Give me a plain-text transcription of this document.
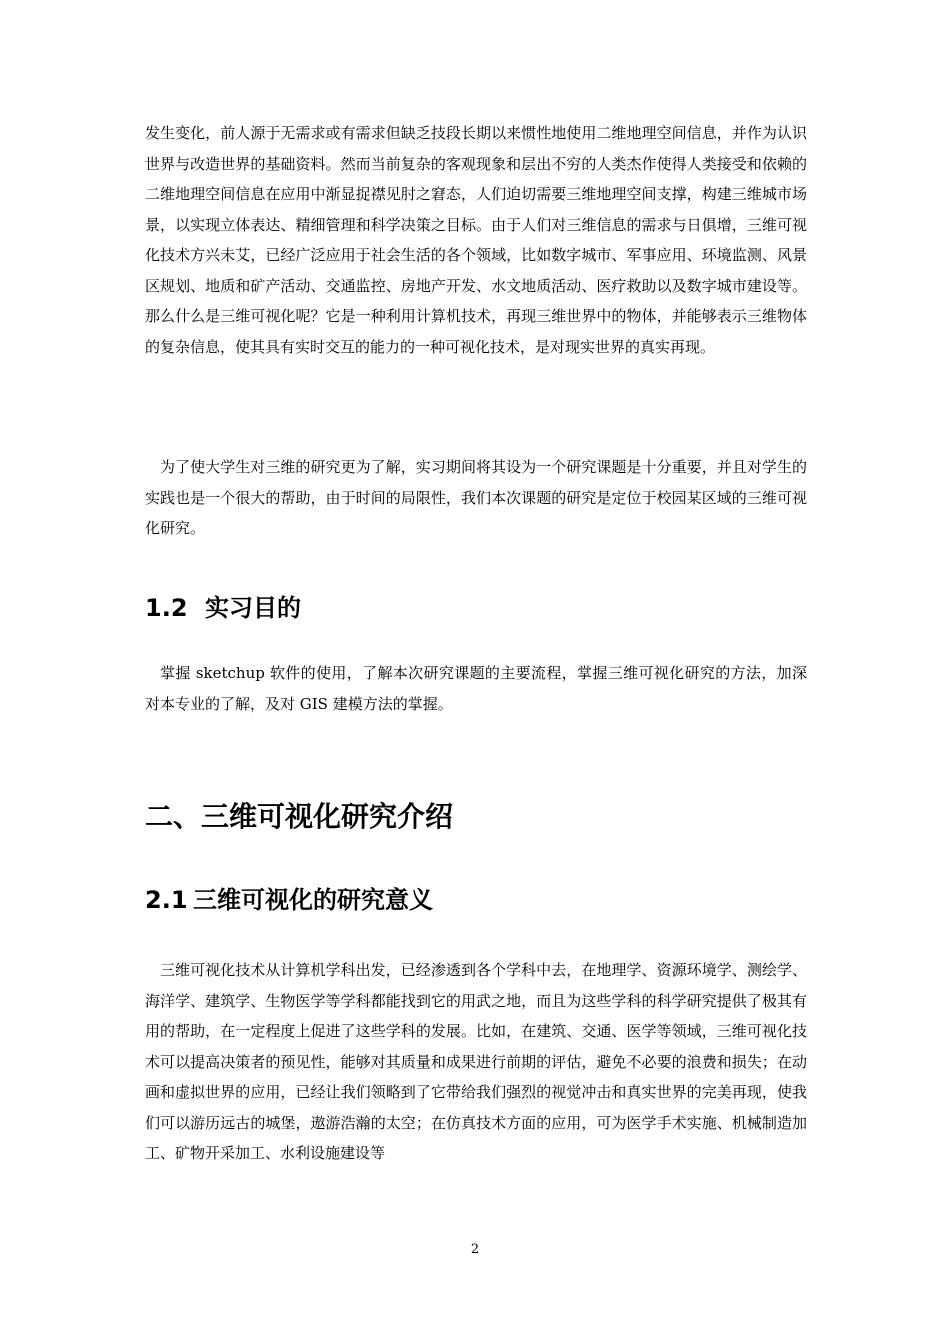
发生变化，前人源于无需求或有需求但缺乏技段长期以来惯性地使用二维地理空间信息，并作为认识世界与改造世界的基础资料。然而当前复杂的客观现象和层出不穷的人类杰作使得人类接受和依赖的二维地理空间信息在应用中渐显捉襟见肘之窘态，人们迫切需要三维地理空间支撑，构建三维城市场景，以实现立体表达、精细管理和科学决策之目标。由于人们对三维信息的需求与日俱增，三维可视化技术方兴未艾，已经广泛应用于社会生活的各个领域，比如数字城市、军事应用、环境监测、风景区规划、地质和矿产活动、交通监控、房地产开发、水文地质活动、医疗救助以及数字城市建设等。那么什么是三维可视化呢？它是一种利用计算机技术，再现三维世界中的物体，并能够表示三维物体的复杂信息，使其具有实时交互的能力的一种可视化技术，是对现实世界的真实再现。

为了使大学生对三维的研究更为了解，实习期间将其设为一个研究课题是十分重要，并且对学生的实践也是一个很大的帮助，由于时间的局限性，我们本次课题的研究是定位于校园某区域的三维可视化研究。

1.2 实习目的

掌握 sketchup 软件的使用，了解本次研究课题的主要流程，掌握三维可视化研究的方法，加深对本专业的了解，及对 GIS 建模方法的掌握。

二、三维可视化研究介绍
2.1 三维可视化的研究意义

三维可视化技术从计算机学科出发，已经渗透到各个学科中去，在地理学、资源环境学、测绘学、海洋学、建筑学、生物医学等学科都能找到它的用武之地，而且为这些学科的科学研究提供了极其有用的帮助，在一定程度上促进了这些学科的发展。比如，在建筑、交通、医学等领域，三维可视化技术可以提高决策者的预见性，能够对其质量和成果进行前期的评估，避免不必要的浪费和损失；在动画和虚拟世界的应用，已经让我们领略到了它带给我们强烈的视觉冲击和真实世界的完美再现，使我们可以游历远古的城堡，遨游浩瀚的太空；在仿真技术方面的应用，可为医学手术实施、机械制造加工、矿物开采加工、水利设施建设等

2
